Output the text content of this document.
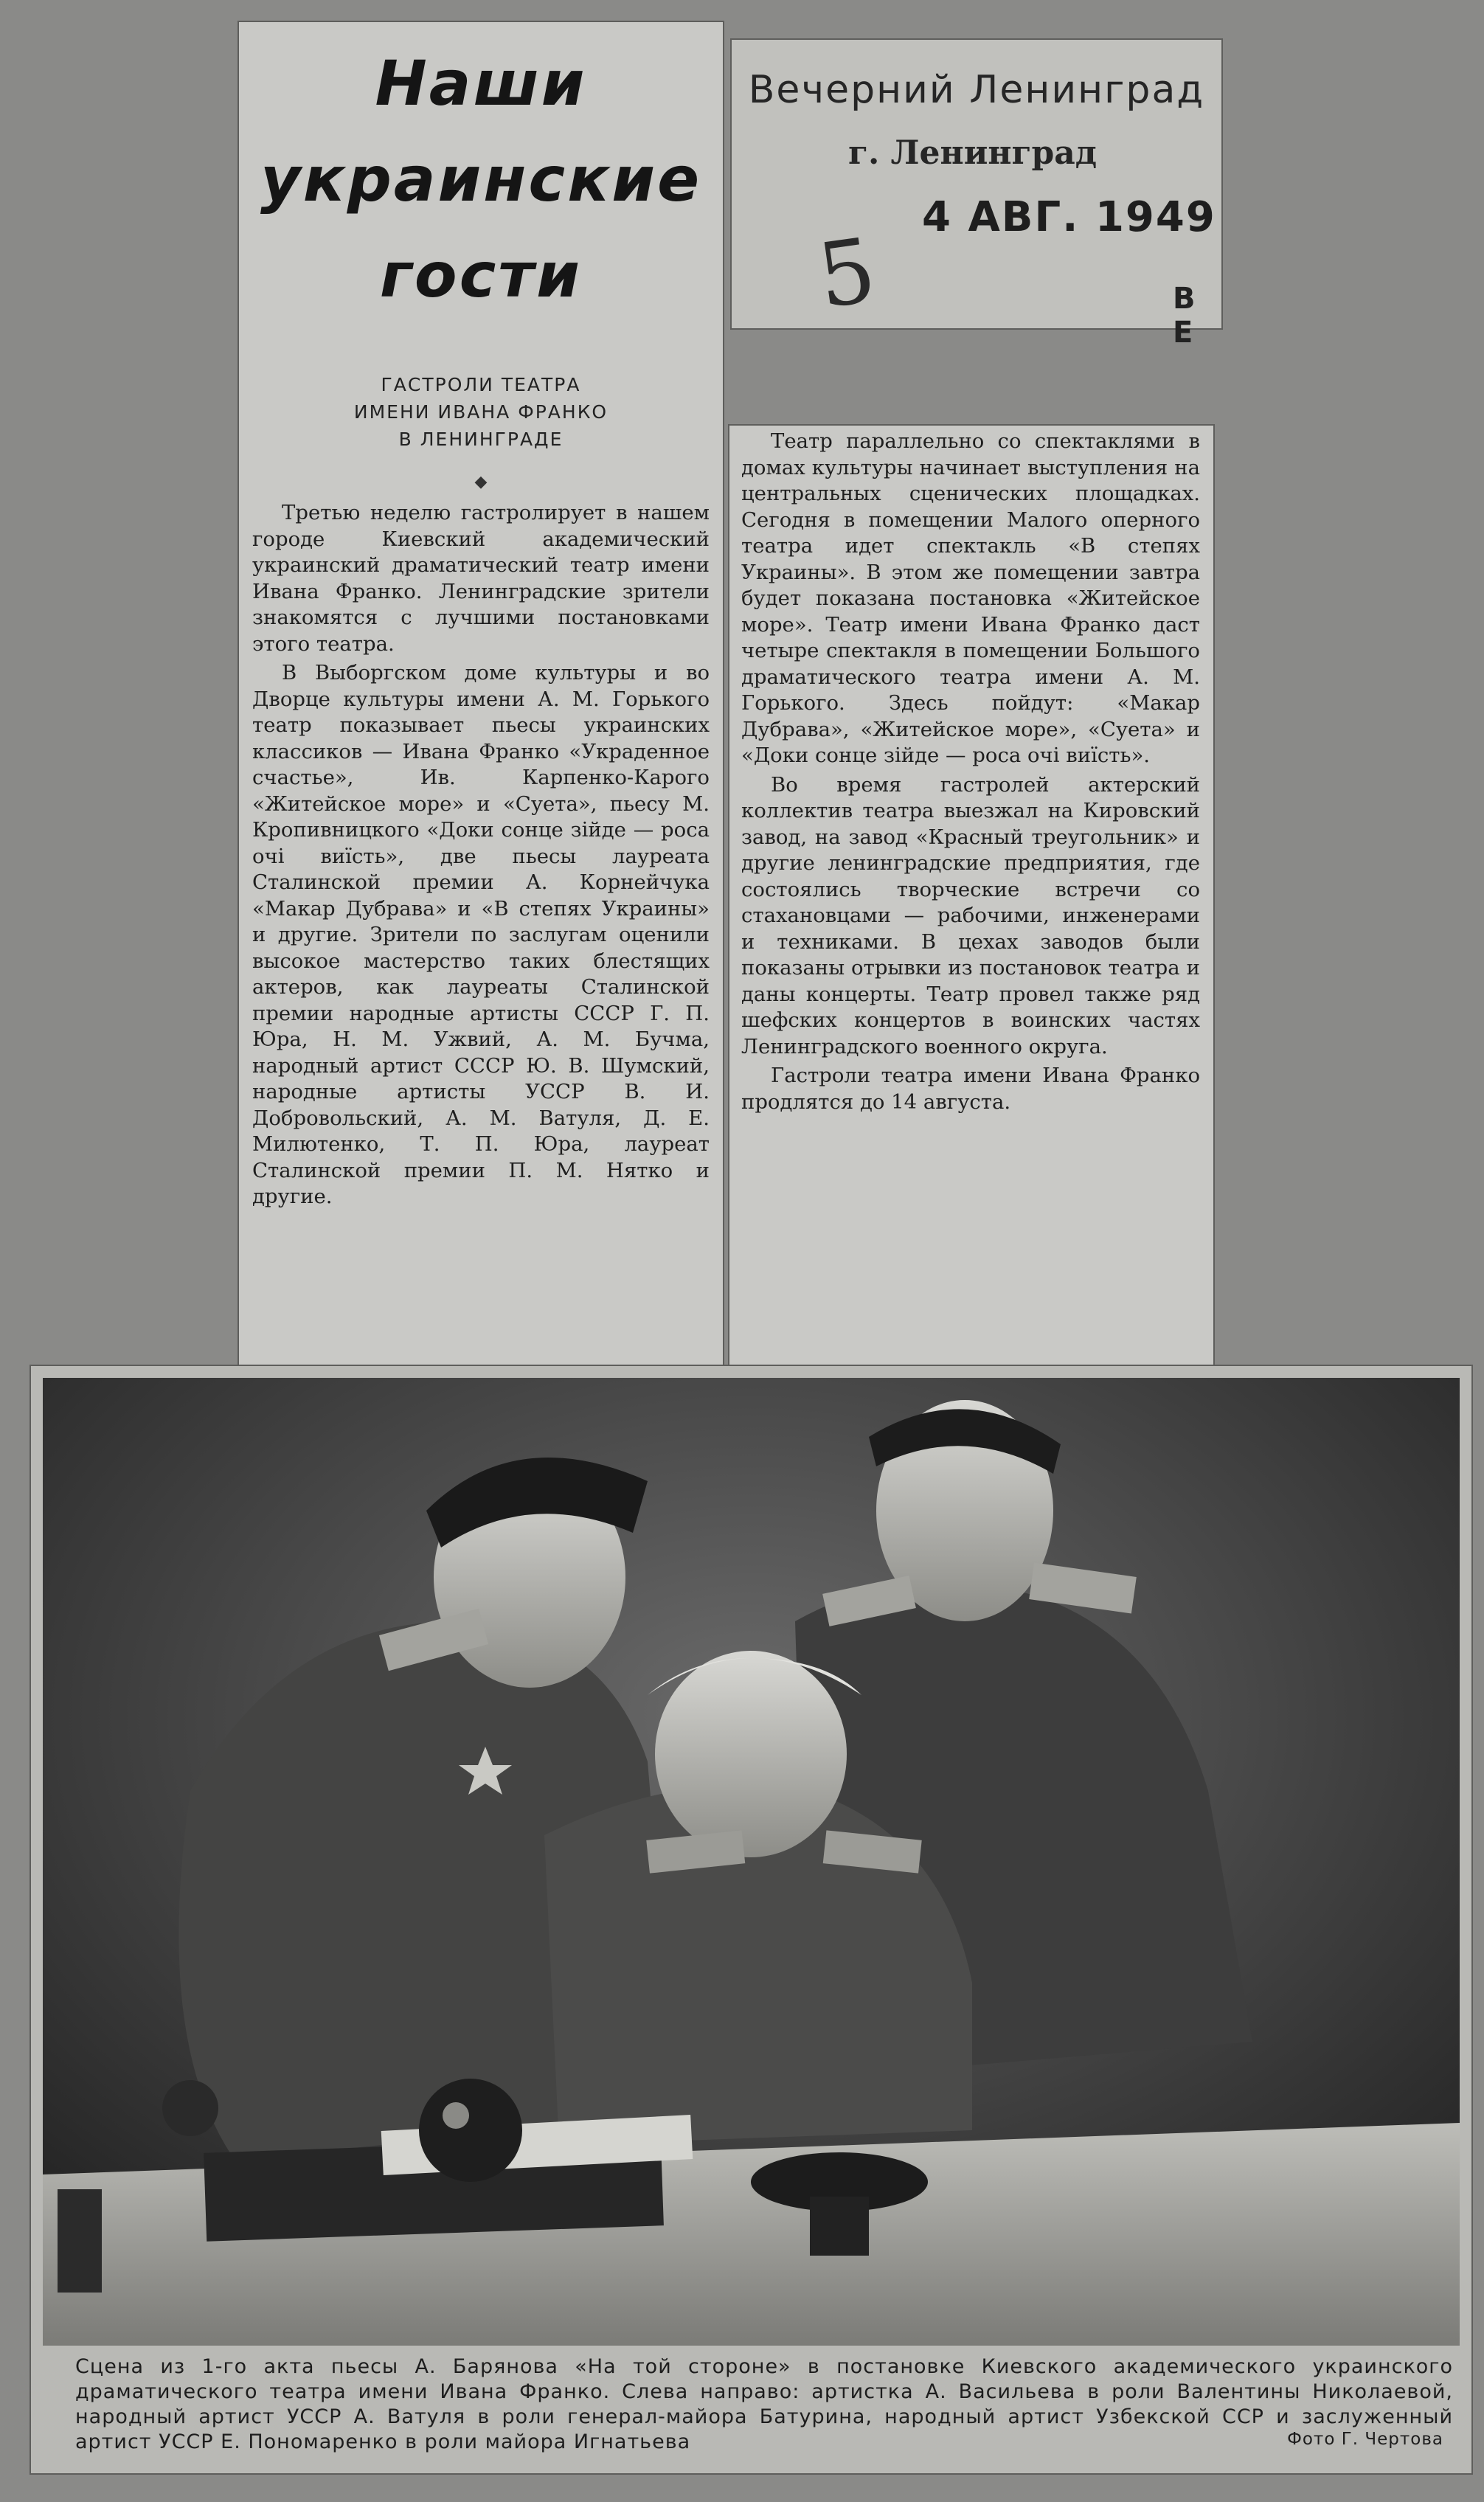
Наши
украинские
гости
ГАСТРОЛИ ТЕАТРА
ИМЕНИ ИВАНА ФРАНКО
В ЛЕНИНГРАДЕ
◆

Третью неделю гастролирует в нашем городе Киевский академический украинский драматический театр имени Ивана Франко. Ленинградские зрители знакомятся с лучшими постановками этого театра.

В Выборгском доме культуры и во Дворце культуры имени А. М. Горького театр показывает пьесы украинских классиков — Ивана Франко «Украденное счастье», Ив. Карпенко-Карого «Житейское море» и «Суета», пьесу М. Кропивницкого «Доки сонце зiйде — роса очi виїсть», две пьесы лауреата Сталинской премии А. Корнейчука «Макар Дубрава» и «В степях Украины» и другие. Зрители по заслугам оценили высокое мастерство таких блестящих актеров, как лауреаты Сталинской премии народные артисты СССР Г. П. Юра, Н. М. Ужвий, А. М. Бучма, народный артист СССР Ю. В. Шумский, народные артисты УССР В. И. Добровольский, А. М. Ватуля, Д. Е. Милютенко, Т. П. Юра, лауреат Сталинской премии П. М. Нятко и другие.

Вечерний Ленинград
г. Ленинград
5
4 АВГ. 1949
В Е

Театр параллельно со спектаклями в домах культуры начинает выступления на центральных сценических площадках. Сегодня в помещении Малого оперного театра идет спектакль «В степях Украины». В этом же помещении завтра будет показана постановка «Житейское море». Театр имени Ивана Франко даст четыре спектакля в помещении Большого драматического театра имени А. М. Горького. Здесь пойдут: «Макар Дубрава», «Житейское море», «Суета» и «Доки сонце зiйде — роса очi виїсть».

Во время гастролей актерский коллектив театра выезжал на Кировский завод, на завод «Красный треугольник» и другие ленинградские предприятия, где состоялись творческие встречи со стахановцами — рабочими, инженерами и техниками. В цехах заводов были показаны отрывки из постановок театра и даны концерты. Театр провел также ряд шефских концертов в воинских частях Ленинградского военного округа.

Гастроли театра имени Ивана Франко продлятся до 14 августа.

Сцена из 1-го акта пьесы А. Барянова «На той стороне» в постановке Киевского академического украинского драматического театра имени Ивана Франко. Слева направо: артистка А. Васильева в роли Валентины Николаевой, народный артист УССР А. Ватуля в роли генерал-майора Батурина, народный артист Узбекской ССР и заслуженный артист УССР Е. Пономаренко в роли майора Игнатьева	Фото Г. Чертова
